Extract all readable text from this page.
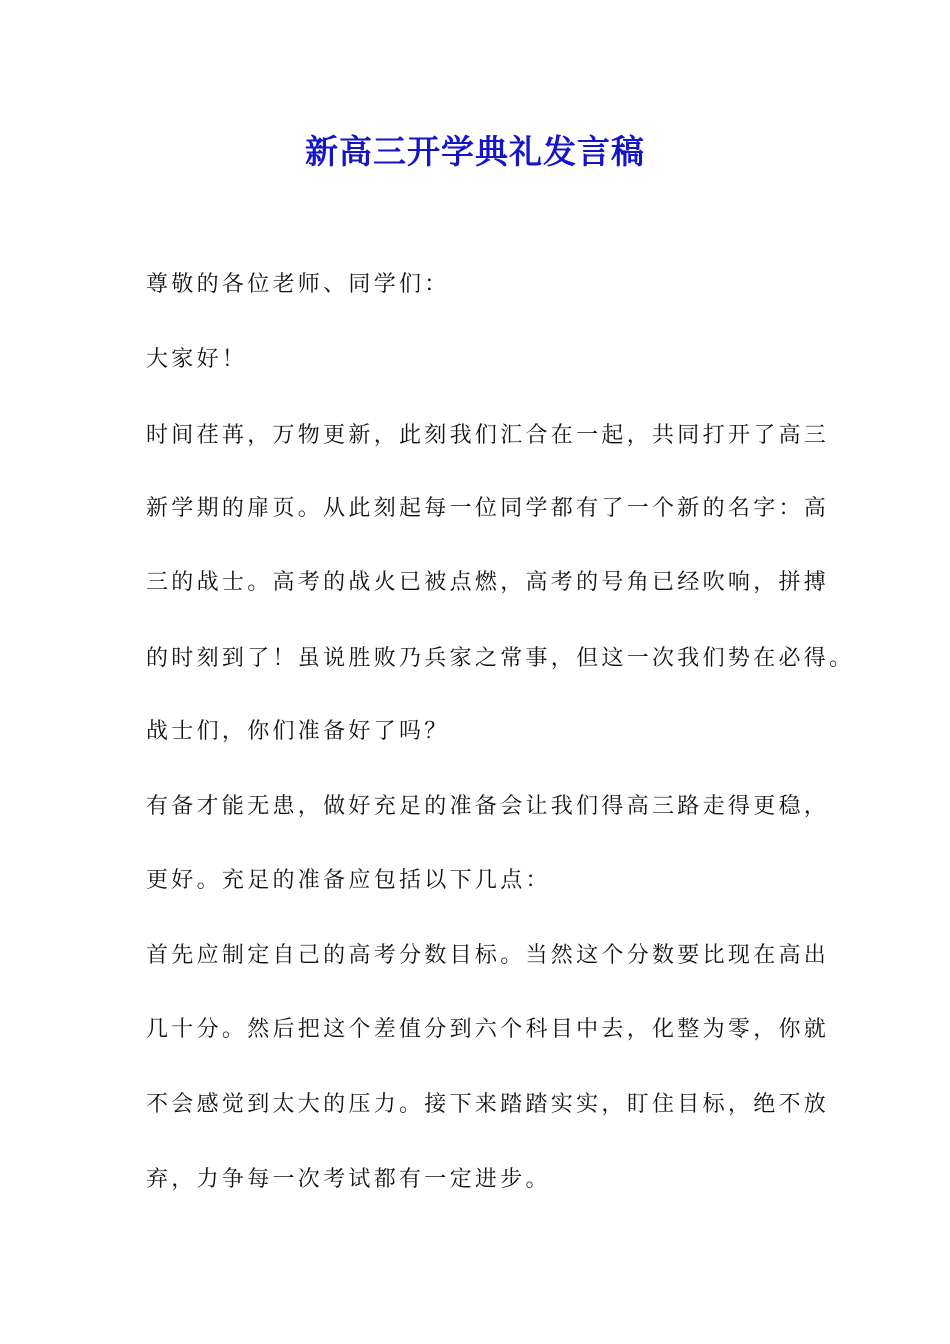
新高三开学典礼发言稿
尊敬的各位老师、同学们：
大家好！
时间荏苒，万物更新，此刻我们汇合在一起，共同打开了高三
新学期的扉页。从此刻起每一位同学都有了一个新的名字：高
三的战士。高考的战火已被点燃，高考的号角已经吹响，拼搏
的时刻到了！虽说胜败乃兵家之常事，但这一次我们势在必得。
战士们，你们准备好了吗？
有备才能无患，做好充足的准备会让我们得高三路走得更稳，
更好。充足的准备应包括以下几点：
首先应制定自己的高考分数目标。当然这个分数要比现在高出
几十分。然后把这个差值分到六个科目中去，化整为零，你就
不会感觉到太大的压力。接下来踏踏实实，盯住目标，绝不放
弃，力争每一次考试都有一定进步。
